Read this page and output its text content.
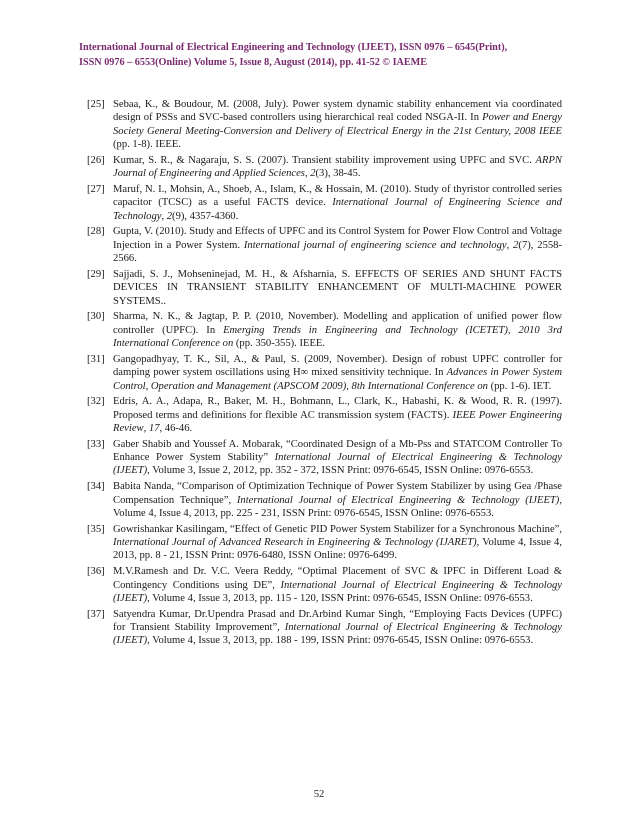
International Journal of Electrical Engineering and Technology (IJEET), ISSN 0976 – 6545(Print),
ISSN 0976 – 6553(Online) Volume 5, Issue 8, August (2014), pp. 41-52 © IAEME
[25] Sebaa, K., & Boudour, M. (2008, July). Power system dynamic stability enhancement via coordinated design of PSSs and SVC-based controllers using hierarchical real coded NSGA-II. In Power and Energy Society General Meeting-Conversion and Delivery of Electrical Energy in the 21st Century, 2008 IEEE (pp. 1-8). IEEE.
[26] Kumar, S. R., & Nagaraju, S. S. (2007). Transient stability improvement using UPFC and SVC. ARPN Journal of Engineering and Applied Sciences, 2(3), 38-45.
[27] Maruf, N. I., Mohsin, A., Shoeb, A., Islam, K., & Hossain, M. (2010). Study of thyristor controlled series capacitor (TCSC) as a useful FACTS device. International Journal of Engineering Science and Technology, 2(9), 4357-4360.
[28] Gupta, V. (2010). Study and Effects of UPFC and its Control System for Power Flow Control and Voltage Injection in a Power System. International journal of engineering science and technology, 2(7), 2558-2566.
[29] Sajjadi, S. J., Mohseninejad, M. H., & Afsharnia, S. EFFECTS OF SERIES AND SHUNT FACTS DEVICES IN TRANSIENT STABILITY ENHANCEMENT OF MULTI-MACHINE POWER SYSTEMS..
[30] Sharma, N. K., & Jagtap, P. P. (2010, November). Modelling and application of unified power flow controller (UPFC). In Emerging Trends in Engineering and Technology (ICETET), 2010 3rd International Conference on (pp. 350-355). IEEE.
[31] Gangopadhyay, T. K., Sil, A., & Paul, S. (2009, November). Design of robust UPFC controller for damping power system oscillations using H∞ mixed sensitivity technique. In Advances in Power System Control, Operation and Management (APSCOM 2009), 8th International Conference on (pp. 1-6). IET.
[32] Edris, A. A., Adapa, R., Baker, M. H., Bohmann, L., Clark, K., Habashi, K. & Wood, R. R. (1997). Proposed terms and definitions for flexible AC transmission system (FACTS). IEEE Power Engineering Review, 17, 46-46.
[33] Gaber Shabib and Youssef A. Mobarak, “Coordinated Design of a Mb-Pss and STATCOM Controller To Enhance Power System Stability” International Journal of Electrical Engineering & Technology (IJEET), Volume 3, Issue 2, 2012, pp. 352 - 372, ISSN Print: 0976-6545, ISSN Online: 0976-6553.
[34] Babita Nanda, “Comparison of Optimization Technique of Power System Stabilizer by using Gea /Phase Compensation Technique”, International Journal of Electrical Engineering & Technology (IJEET), Volume 4, Issue 4, 2013, pp. 225 - 231, ISSN Print: 0976-6545, ISSN Online: 0976-6553.
[35] Gowrishankar Kasilingam, “Effect of Genetic PID Power System Stabilizer for a Synchronous Machine”, International Journal of Advanced Research in Engineering & Technology (IJARET), Volume 4, Issue 4, 2013, pp. 8 - 21, ISSN Print: 0976-6480, ISSN Online: 0976-6499.
[36] M.V.Ramesh and Dr. V.C. Veera Reddy, “Optimal Placement of SVC & IPFC in Different Load & Contingency Conditions using DE”, International Journal of Electrical Engineering & Technology (IJEET), Volume 4, Issue 3, 2013, pp. 115 - 120, ISSN Print: 0976-6545, ISSN Online: 0976-6553.
[37] Satyendra Kumar, Dr.Upendra Prasad and Dr.Arbind Kumar Singh, “Employing Facts Devices (UPFC) for Transient Stability Improvement”, International Journal of Electrical Engineering & Technology (IJEET), Volume 4, Issue 3, 2013, pp. 188 - 199, ISSN Print: 0976-6545, ISSN Online: 0976-6553.
52
